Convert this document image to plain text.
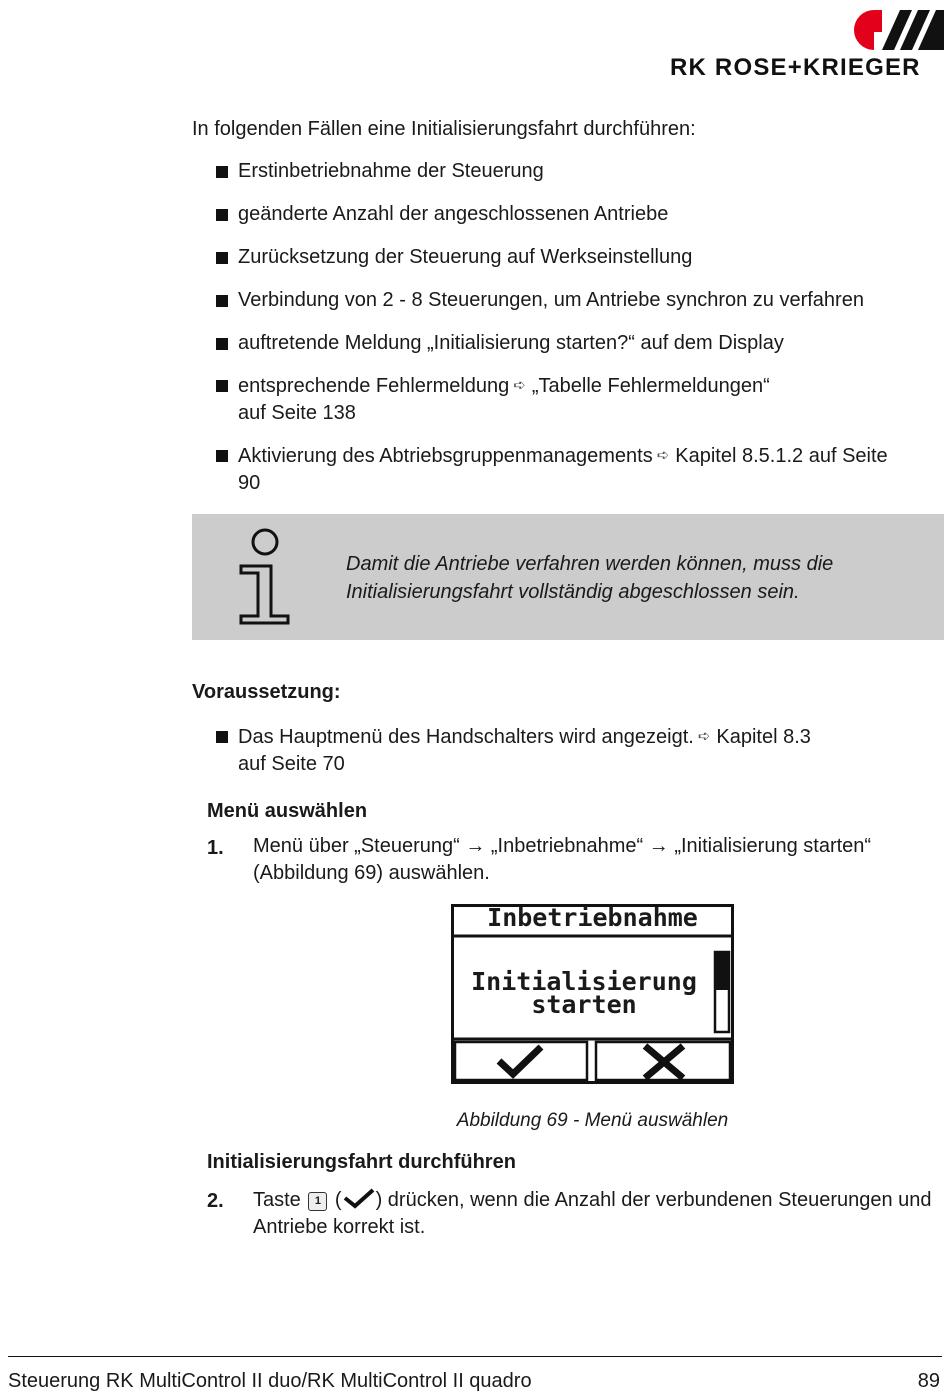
RK ROSE+KRIEGER
In folgenden Fällen eine Initialisierungsfahrt durchführen:
Erstinbetriebnahme der Steuerung
geänderte Anzahl der angeschlossenen Antriebe
Zurücksetzung der Steuerung auf Werkseinstellung
Verbindung von 2 - 8 Steuerungen, um Antriebe synchron zu verfahren
auftretende Meldung „Initialisierung starten?“ auf dem Display
entsprechende Fehlermeldung ➪ „Tabelle Fehlermeldungen“
auf Seite 138
Aktivierung des Abtriebsgruppenmanagements ➪ Kapitel 8.5.1.2 auf Seite
90
Damit die Antriebe verfahren werden können, muss die Initialisierungsfahrt vollständig abgeschlossen sein.
Voraussetzung:
Das Hauptmenü des Handschalters wird angezeigt. ➪ Kapitel 8.3
auf Seite 70
Menü auswählen
1. Menü über „Steuerung“ → „Inbetriebnahme“ → „Initialisierung starten“ (Abbildung 69) auswählen.
Inbetriebnahme
Initialisierung
starten
Abbildung 69 - Menü auswählen
Initialisierungsfahrt durchführen
2. Taste 1 ( ) drücken, wenn die Anzahl der verbundenen Steuerungen und Antriebe korrekt ist.
Steuerung RK MultiControl II duo/RK MultiControl II quadro	89
